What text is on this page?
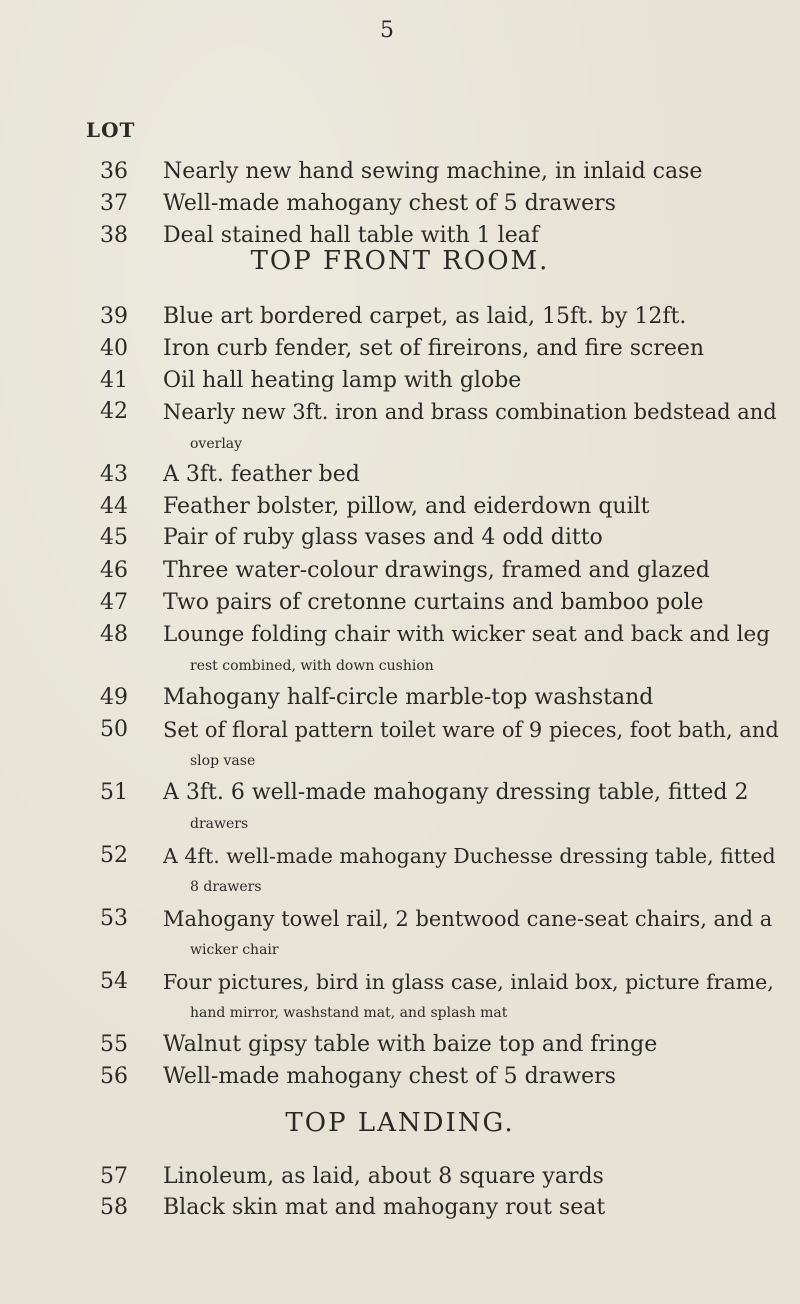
5
LOT
36 Nearly new hand sewing machine, in inlaid case
37 Well-made mahogany chest of 5 drawers
38 Deal stained hall table with 1 leaf
TOP FRONT ROOM.
39 Blue art bordered carpet, as laid, 15ft. by 12ft.
40 Iron curb fender, set of fireirons, and fire screen
41 Oil hall heating lamp with globe
42 Nearly new 3ft. iron and brass combination bedstead and
overlay
43 A 3ft. feather bed
44 Feather bolster, pillow, and eiderdown quilt
45 Pair of ruby glass vases and 4 odd ditto
46 Three water-colour drawings, framed and glazed
47 Two pairs of cretonne curtains and bamboo pole
48 Lounge folding chair with wicker seat and back and leg
rest combined, with down cushion
49 Mahogany half-circle marble-top washstand
50 Set of floral pattern toilet ware of 9 pieces, foot bath, and
slop vase
51 A 3ft. 6 well-made mahogany dressing table, fitted 2
drawers
52 A 4ft. well-made mahogany Duchesse dressing table, fitted
8 drawers
53 Mahogany towel rail, 2 bentwood cane-seat chairs, and a
wicker chair
54 Four pictures, bird in glass case, inlaid box, picture frame,
hand mirror, washstand mat, and splash mat
55 Walnut gipsy table with baize top and fringe
56 Well-made mahogany chest of 5 drawers
TOP LANDING.
57 Linoleum, as laid, about 8 square yards
58 Black skin mat and mahogany rout seat
